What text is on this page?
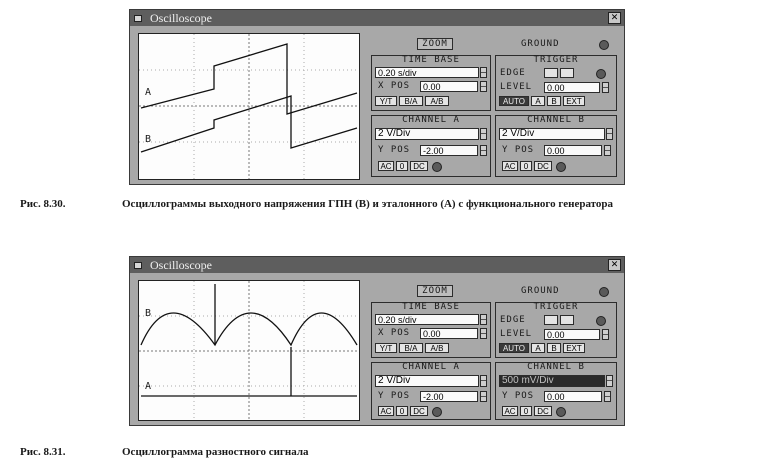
Oscilloscope	✕
A
B
ZOOM	GROUND
TIME BASE
0.20 s/div
X POS	0.00
Y/T	B/A	A/B
TRIGGER
EDGE
LEVEL	0.00
AUTO	A	B	EXT
CHANNEL A
2 V/Div
Y POS	-2.00
AC	0	DC
CHANNEL B
2 V/Div
Y POS	0.00
AC	0	DC
Рис. 8.30.	Осциллограммы выходного напряжения ГПН (В) и эталонного (А) с функционального генератора
Oscilloscope	✕
B
A
ZOOM	GROUND
TIME BASE
0.20 s/div
X POS	0.00
Y/T	B/A	A/B
TRIGGER
EDGE
LEVEL	0.00
AUTO	A	B	EXT
CHANNEL A
2 V/Div
Y POS	-2.00
AC	0	DC
CHANNEL B
500 mV/Div
Y POS	0.00
AC	0	DC
Рис. 8.31.	Осциллограмма разностного сигнала
